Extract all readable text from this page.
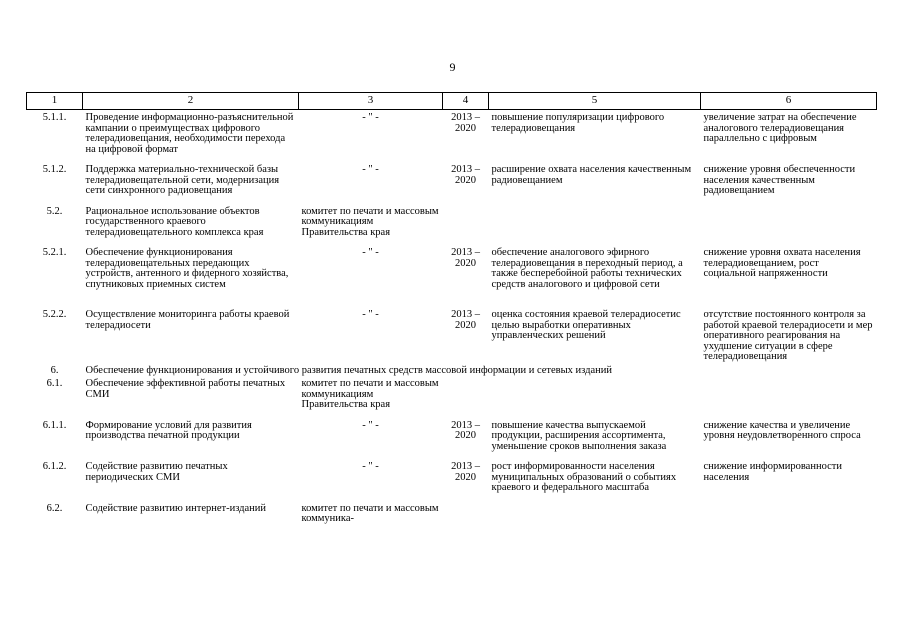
9
1	2	3	4	5	6
5.1.1.	Проведение информационно-разъяснительной кампании о преимуществах цифрового телерадиовещания, необходимости перехода на цифровой формат	- " -	2013 – 2020	повышение популяризации цифрового телерадиовещания	увеличение затрат на обеспечение аналогового телерадиовещания параллельно с цифровым
5.1.2.	Поддержка материально-технической базы телерадиовещательной сети, модернизация сети синхронного радиовещания	- " -	2013 – 2020	расширение охвата населения качественным радиовещанием	снижение уровня обеспеченности населения качественным радиовещанием
5.2.	Рациональное использование объектов государственного краевого телерадиовещательного комплекса края	комитет по печати и массовым коммуникациям Правительства края			
5.2.1.	Обеспечение функционирования телерадиовещательных передающих устройств, антенного и фидерного хозяйства, спутниковых приемных систем	- " -	2013 – 2020	обеспечение аналогового эфирного телерадиовещания в переходный период, а также бесперебойной работы технических средств аналогового и цифровой сети	снижение уровня охвата населения телерадиовещанием, рост социальной напряженности
5.2.2.	Осуществление мониторинга работы краевой телерадиосети	- " -	2013 – 2020	оценка состояния краевой телерадиосетис целью выработки оперативных управленческих решений	отсутствие постоянного контроля за работой краевой телерадиосети и мер оперативного реагирования на ухудшение ситуации в сфере телерадиовещания
6.	Обеспечение функционирования и устойчивого развития печатных средств массовой информации и сетевых изданий				
6.1.	Обеспечение эффективной работы печатных СМИ	комитет по печати и массовым коммуникациям Правительства края			
6.1.1.	Формирование условий для развития производства печатной продукции	- " -	2013 – 2020	повышение качества выпускаемой продукции, расширения ассортимента, уменьшение сроков выполнения заказа	снижение качества и увеличение уровня неудовлетворенного спроса
6.1.2.	Содействие развитию печатных периодических СМИ	- " -	2013 – 2020	рост информированности населения муниципальных образований о событиях краевого и федерального масштаба	снижение информированности населения
6.2.	Содействие развитию интернет-изданий	комитет по печати и массовым коммуника-			
